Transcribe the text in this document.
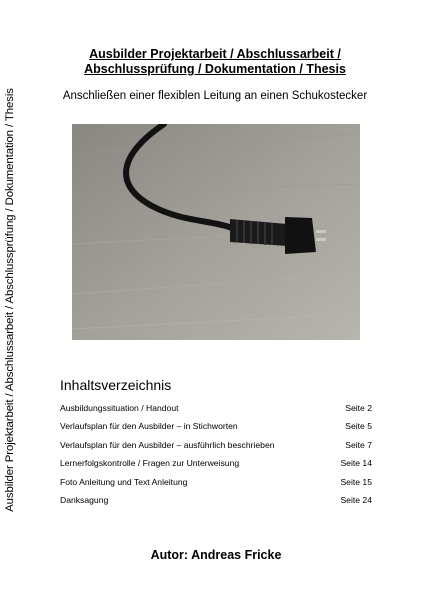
Ausbilder Projektarbeit / Abschlussarbeit / Abschlussprüfung / Dokumentation / Thesis
Ausbilder Projektarbeit / Abschlussarbeit /
Abschlussprüfung / Dokumentation / Thesis
Anschließen einer flexiblen Leitung an einen Schukostecker
Inhaltsverzeichnis
Ausbildungssituation / Handout	Seite 2
Verlaufsplan für den Ausbilder – in Stichworten	Seite 5
Verlaufsplan für den Ausbilder – ausführlich beschrieben	Seite 7
Lernerfolgskontrolle / Fragen zur Unterweisung	Seite 14
Foto Anleitung und Text Anleitung	Seite 15
Danksagung	Seite 24
Autor: Andreas Fricke
